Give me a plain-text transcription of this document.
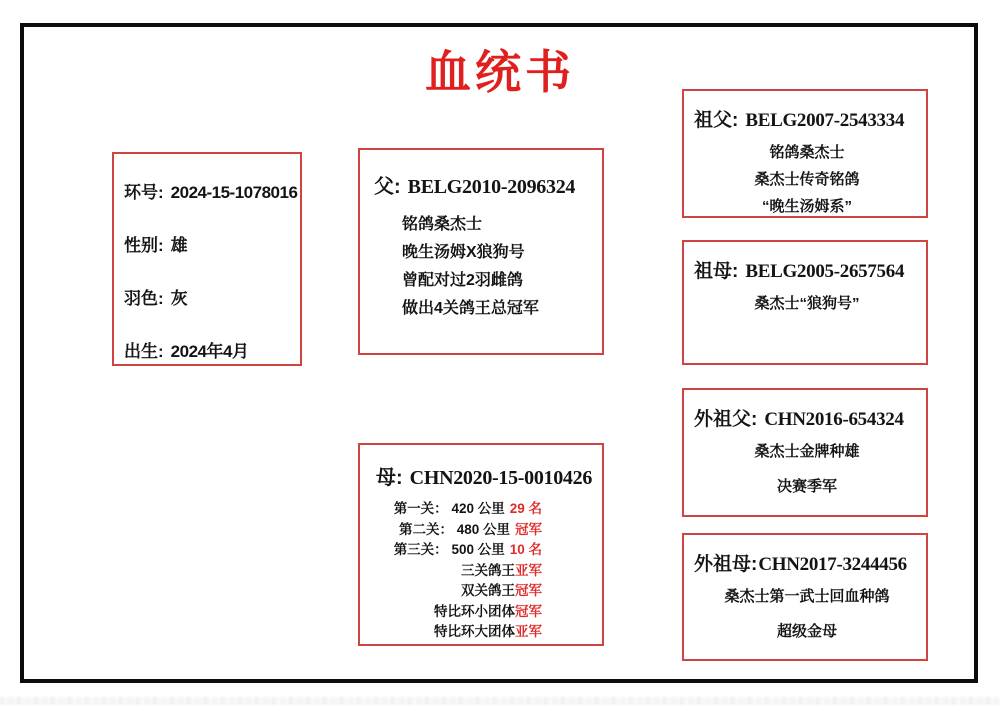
血统书
环号: 2024-15-1078016
性别: 雄
羽色: 灰
出生: 2024年4月
父: BELG2010-2096324
铭鸽桑杰士
晚生汤姆X狼狗号
曾配对过2羽雌鸽
做出4关鸽王总冠军
母: CHN2020-15-0010426
第一关： 420 公里 29 名
第二关： 480 公里 冠军
第三关： 500 公里 10 名
三关鸽王亚军
双关鸽王冠军
特比环小团体冠军
特比环大团体亚军
祖父: BELG2007-2543334
铭鸽桑杰士
桑杰士传奇铭鸽
“晚生汤姆系”
祖母: BELG2005-2657564
桑杰士“狼狗号”
外祖父: CHN2016-654324
桑杰士金牌种雄
决赛季军
外祖母:CHN2017-3244456
桑杰士第一武士回血种鸽
超级金母
